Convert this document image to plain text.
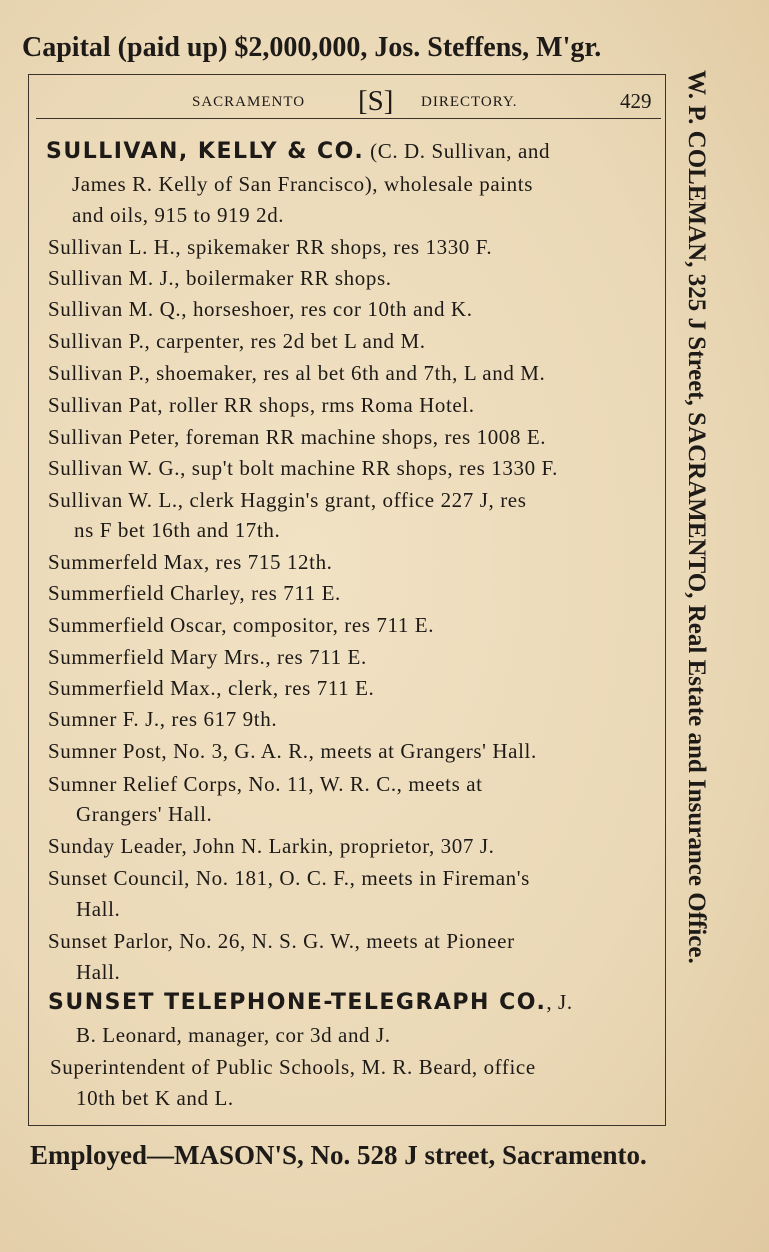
Capital (paid up) $2,000,000, Jos. Steffens, M'gr.
SACRAMENTO [S] DIRECTORY.	429
SULLIVAN, KELLY & CO. (C. D. Sullivan, and
James R. Kelly of San Francisco), wholesale paints
and oils, 915 to 919 2d.
Sullivan L. H., spikemaker RR shops, res 1330 F.
Sullivan M. J., boilermaker RR shops.
Sullivan M. Q., horseshoer, res cor 10th and K.
Sullivan P., carpenter, res 2d bet L and M.
Sullivan P., shoemaker, res al bet 6th and 7th, L and M.
Sullivan Pat, roller RR shops, rms Roma Hotel.
Sullivan Peter, foreman RR machine shops, res 1008 E.
Sullivan W. G., sup't bolt machine RR shops, res 1330 F.
Sullivan W. L., clerk Haggin's grant, office 227 J, res
ns F bet 16th and 17th.
Summerfeld Max, res 715 12th.
Summerfield Charley, res 711 E.
Summerfield Oscar, compositor, res 711 E.
Summerfield Mary Mrs., res 711 E.
Summerfield Max., clerk, res 711 E.
Sumner F. J., res 617 9th.
Sumner Post, No. 3, G. A. R., meets at Grangers' Hall.
Sumner Relief Corps, No. 11, W. R. C., meets at
Grangers' Hall.
Sunday Leader, John N. Larkin, proprietor, 307 J.
Sunset Council, No. 181, O. C. F., meets in Fireman's
Hall.
Sunset Parlor, No. 26, N. S. G. W., meets at Pioneer
Hall.
SUNSET TELEPHONE-TELEGRAPH CO., J.
B. Leonard, manager, cor 3d and J.
Superintendent of Public Schools, M. R. Beard, office
10th bet K and L.
W. P. COLEMAN, 325 J Street, SACRAMENTO, Real Estate and Insurance Office.
Employed—MASON'S, No. 528 J street, Sacramento.
